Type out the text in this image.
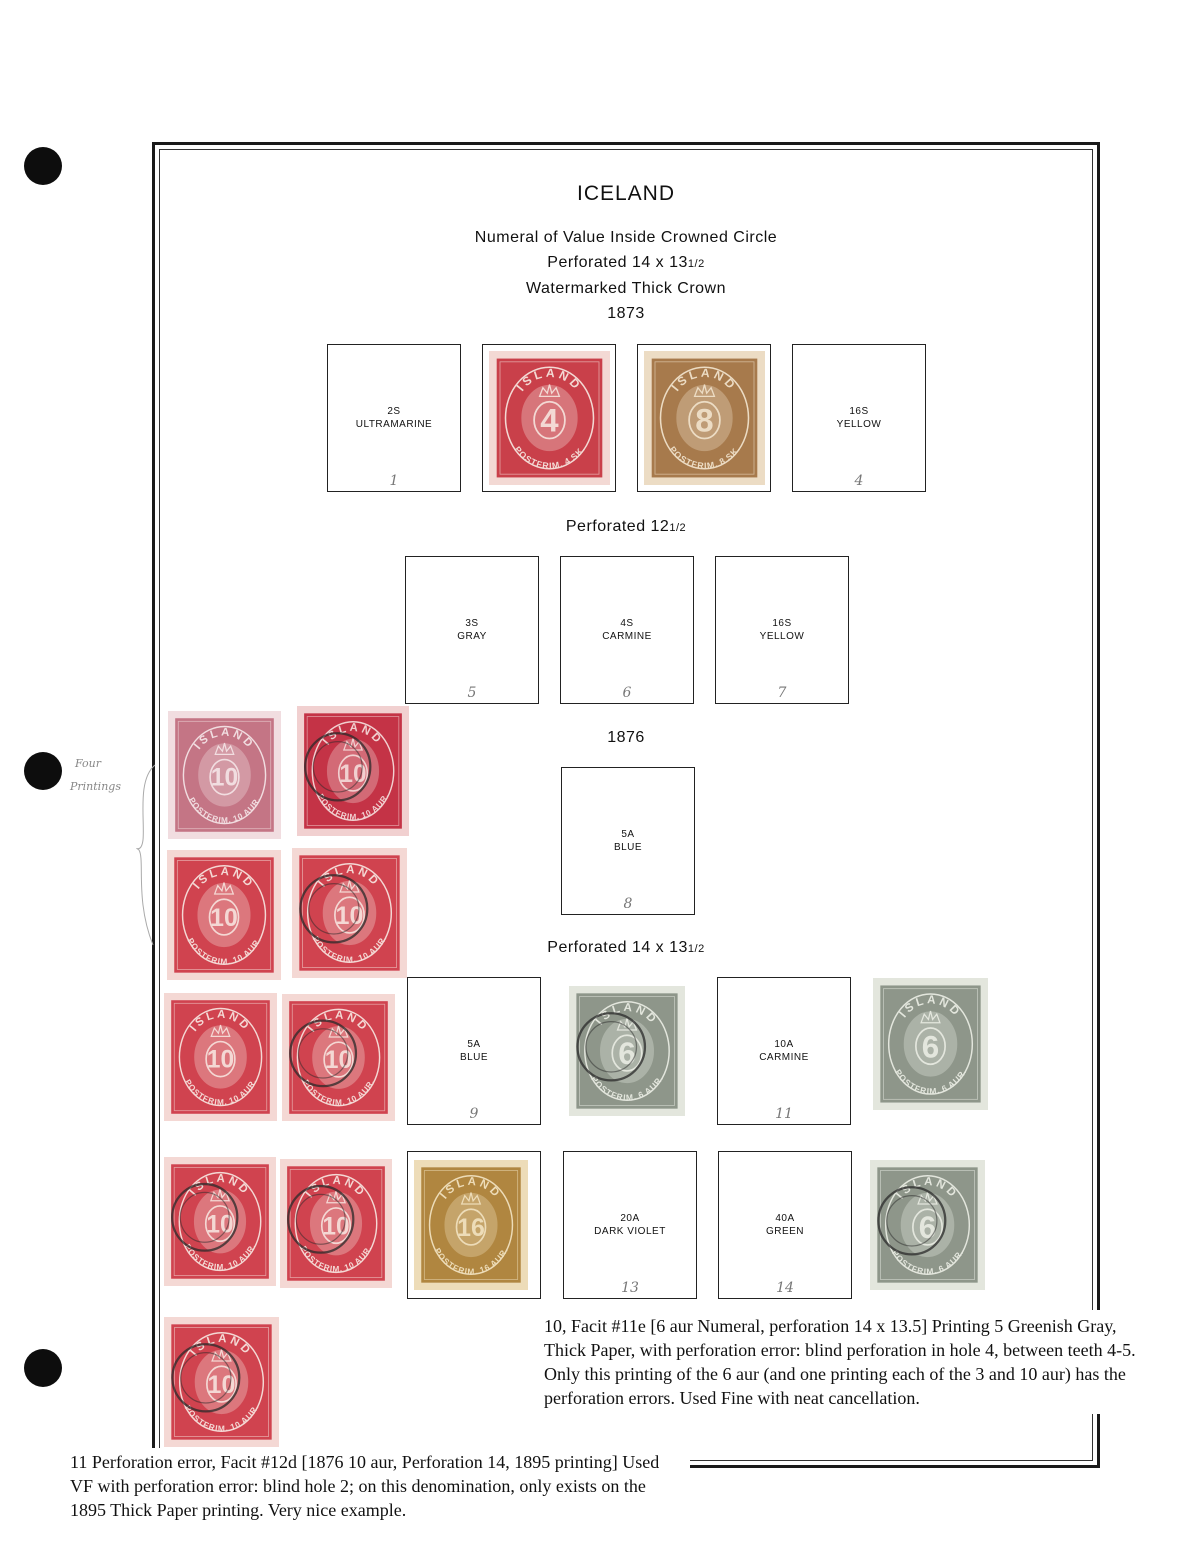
ICELAND
Numeral of Value Inside Crowned Circle
Perforated 14 x 131/2
Watermarked Thick Crown
1873
Perforated 121/2
1876
Perforated 14 x 131/2
2S
ULTRAMARINE
1
16S
YELLOW
4
3S
GRAY
5
4S
CARMINE
6
16S
YELLOW
7
5A
BLUE
8
5A
BLUE
9
10A
CARMINE
11
20A
DARK VIOLET
13
40A
GREEN
14
4
ISLAND
POSTFRIM. 4 SK.
8
ISLAND
POSTFRIM. 8 SK.
10
ISLAND
POSTFRIM. 10 AUR.
10
ISLAND
POSTFRIM. 10 AUR.
10
ISLAND
POSTFRIM. 10 AUR.
10
ISLAND
POSTFRIM. 10 AUR.
10
ISLAND
POSTFRIM. 10 AUR.
10
ISLAND
POSTFRIM. 10 AUR.
10
ISLAND
POSTFRIM. 10 AUR.
10
ISLAND
POSTFRIM. 10 AUR.
10
ISLAND
POSTFRIM. 10 AUR.
6
ISLAND
POSTFRIM. 6 AUR.
6
ISLAND
POSTFRIM. 6 AUR.
16
ISLAND
POSTFRIM. 16 AUR.
6
ISLAND
POSTFRIM. 6 AUR.
Four
Printings
10, Facit #11e [6 aur Numeral, perforation 14 x 13.5] Printing 5 Greenish Gray, Thick Paper, with perforation error: blind perforation in hole 4, between teeth 4-5. Only this printing of the 6 aur (and one printing each of the 3 and 10 aur) has the perforation errors. Used Fine with neat cancellation.
11 Perforation error, Facit #12d [1876 10 aur, Perforation 14, 1895 printing] Used VF with perforation error: blind hole 2; on this denomination, only exists on the 1895 Thick Paper printing. Very nice example.
